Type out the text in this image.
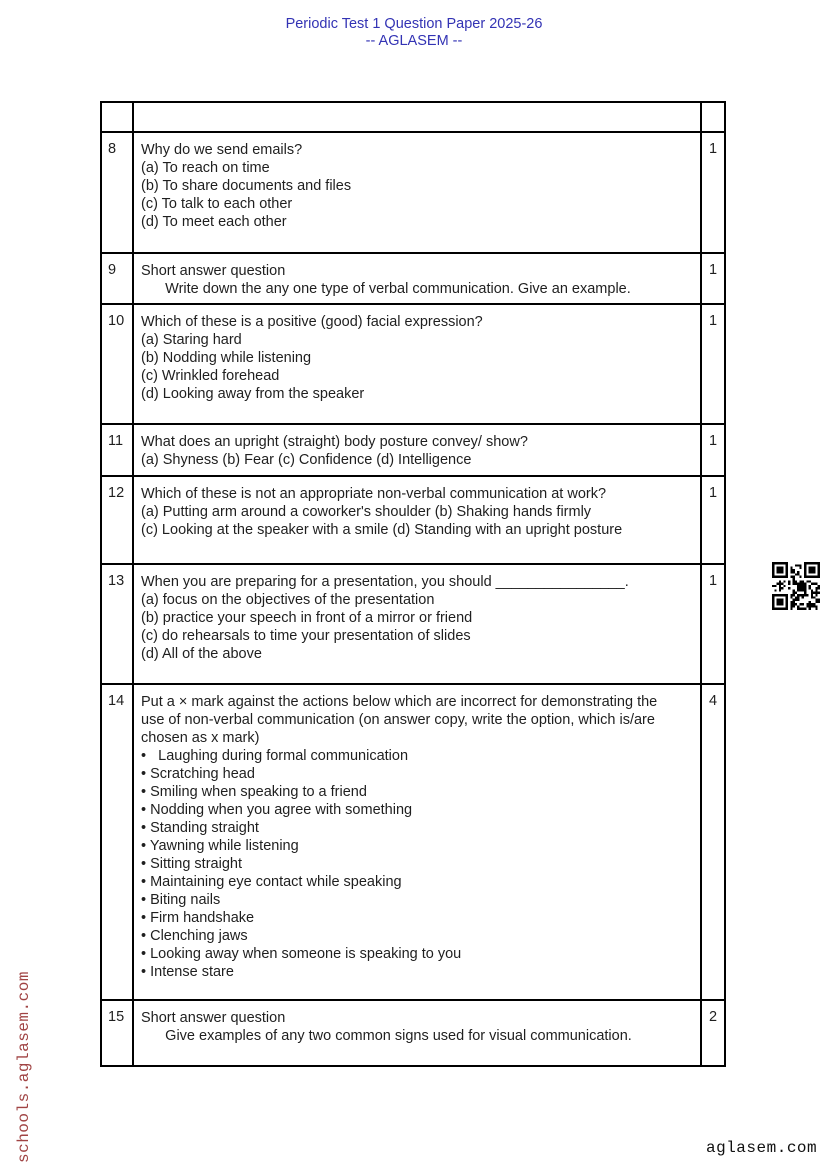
Periodic Test 1 Question Paper 2025-26
-- AGLASEM --
8	Why do we send emails?
(a) To reach on time
(b) To share documents and files
(c) To talk to each other
(d) To meet each other
1
9	Short answer question
Write down the any one type of verbal communication. Give an example.
1
10	Which of these is a positive (good) facial expression?
(a) Staring hard
(b) Nodding while listening
(c) Wrinkled forehead
(d) Looking away from the speaker
1
11	What does an upright (straight) body posture convey/ show?
(a) Shyness (b) Fear (c) Confidence (d) Intelligence
1
12	Which of these is not an appropriate non-verbal communication at work?
(a) Putting arm around a coworker's shoulder (b) Shaking hands firmly
(c) Looking at the speaker with a smile (d) Standing with an upright posture
1
13	When you are preparing for a presentation, you should ________________.
(a) focus on the objectives of the presentation
(b) practice your speech in front of a mirror or friend
(c) do rehearsals to time your presentation of slides
(d) All of the above
1
14	Put a × mark against the actions below which are incorrect for demonstrating the
use of non-verbal communication (on answer copy, write the option, which is/are
chosen as x mark)
•   Laughing during formal communication
• Scratching head
• Smiling when speaking to a friend
• Nodding when you agree with something
• Standing straight
• Yawning while listening
• Sitting straight
• Maintaining eye contact while speaking
• Biting nails
• Firm handshake
• Clenching jaws
• Looking away when someone is speaking to you
• Intense stare
4
15	Short answer question
Give examples of any two common signs used for visual communication.
2
schools.aglasem.com	aglasem.com
